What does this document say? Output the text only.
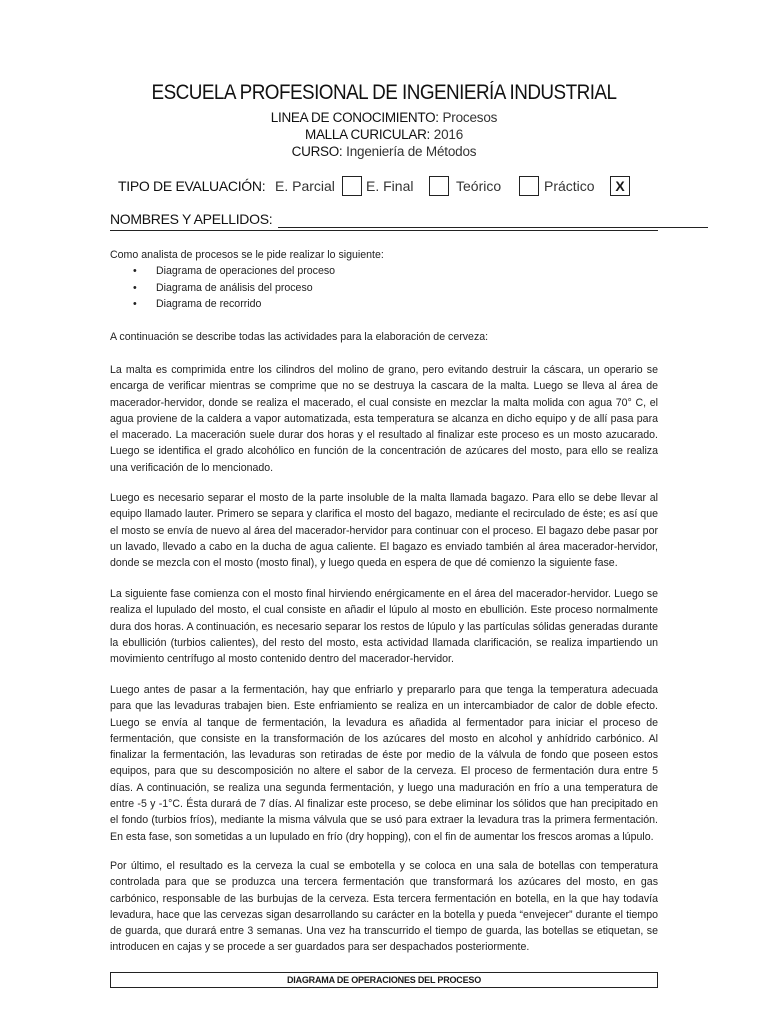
ESCUELA PROFESIONAL DE INGENIERÍA INDUSTRIAL
LINEA DE CONOCIMIENTO: Procesos
MALLA CURICULAR: 2016
CURSO: Ingeniería de Métodos
TIPO DE EVALUACIÓN: E. Parcial E. Final	Teórico	Práctico	X
NOMBRES Y APELLIDOS:

Como analista de procesos se le pide realizar lo siguiente:

• Diagrama de operaciones del proceso
• Diagrama de análisis del proceso
• Diagrama de recorrido

A continuación se describe todas las actividades para la elaboración de cerveza:

La malta es comprimida entre los cilindros del molino de grano, pero evitando destruir la cáscara, un operario se encarga de verificar mientras se comprime que no se destruya la cascara de la malta. Luego se lleva al área de macerador-hervidor, donde se realiza el macerado, el cual consiste en mezclar la malta molida con agua 70° C, el agua proviene de la caldera a vapor automatizada, esta temperatura se alcanza en dicho equipo y de allí pasa para el macerado. La maceración suele durar dos horas y el resultado al finalizar este proceso es un mosto azucarado. Luego se identifica el grado alcohólico en función de la concentración de azúcares del mosto, para ello se realiza una verificación de lo mencionado.

Luego es necesario separar el mosto de la parte insoluble de la malta llamada bagazo. Para ello se debe llevar al equipo llamado lauter. Primero se separa y clarifica el mosto del bagazo, mediante el recirculado de éste; es así que el mosto se envía de nuevo al área del macerador-hervidor para continuar con el proceso. El bagazo debe pasar por un lavado, llevado a cabo en la ducha de agua caliente. El bagazo es enviado también al área macerador-hervidor, donde se mezcla con el mosto (mosto final), y luego queda en espera de que dé comienzo la siguiente fase.

La siguiente fase comienza con el mosto final hirviendo enérgicamente en el área del macerador-hervidor. Luego se realiza el lupulado del mosto, el cual consiste en añadir el lúpulo al mosto en ebullición. Este proceso normalmente dura dos horas. A continuación, es necesario separar los restos de lúpulo y las partículas sólidas generadas durante la ebullición (turbios calientes), del resto del mosto, esta actividad llamada clarificación, se realiza impartiendo un movimiento centrífugo al mosto contenido dentro del macerador-hervidor.

Luego antes de pasar a la fermentación, hay que enfriarlo y prepararlo para que tenga la temperatura adecuada para que las levaduras trabajen bien. Este enfriamiento se realiza en un intercambiador de calor de doble efecto. Luego se envía al tanque de fermentación, la levadura es añadida al fermentador para iniciar el proceso de fermentación, que consiste en la transformación de los azúcares del mosto en alcohol y anhídrido carbónico. Al finalizar la fermentación, las levaduras son retiradas de éste por medio de la válvula de fondo que poseen estos equipos, para que su descomposición no altere el sabor de la cerveza. El proceso de fermentación dura entre 5 días. A continuación, se realiza una segunda fermentación, y luego una maduración en frío a una temperatura de entre -5 y -1°C. Ésta durará de 7 días. Al finalizar este proceso, se debe eliminar los sólidos que han precipitado en el fondo (turbios fríos), mediante la misma válvula que se usó para extraer la levadura tras la primera fermentación. En esta fase, son sometidas a un lupulado en frío (dry hopping), con el fin de aumentar los frescos aromas a lúpulo.

Por último, el resultado es la cerveza la cual se embotella y se coloca en una sala de botellas con temperatura controlada para que se produzca una tercera fermentación que transformará los azúcares del mosto, en gas carbónico, responsable de las burbujas de la cerveza. Esta tercera fermentación en botella, en la que hay todavía levadura, hace que las cervezas sigan desarrollando su carácter en la botella y pueda “envejecer” durante el tiempo de guarda, que durará entre 3 semanas. Una vez ha transcurrido el tiempo de guarda, las botellas se etiquetan, se introducen en cajas y se procede a ser guardados para ser despachados posteriormente.

DIAGRAMA DE OPERACIONES DEL PROCESO
